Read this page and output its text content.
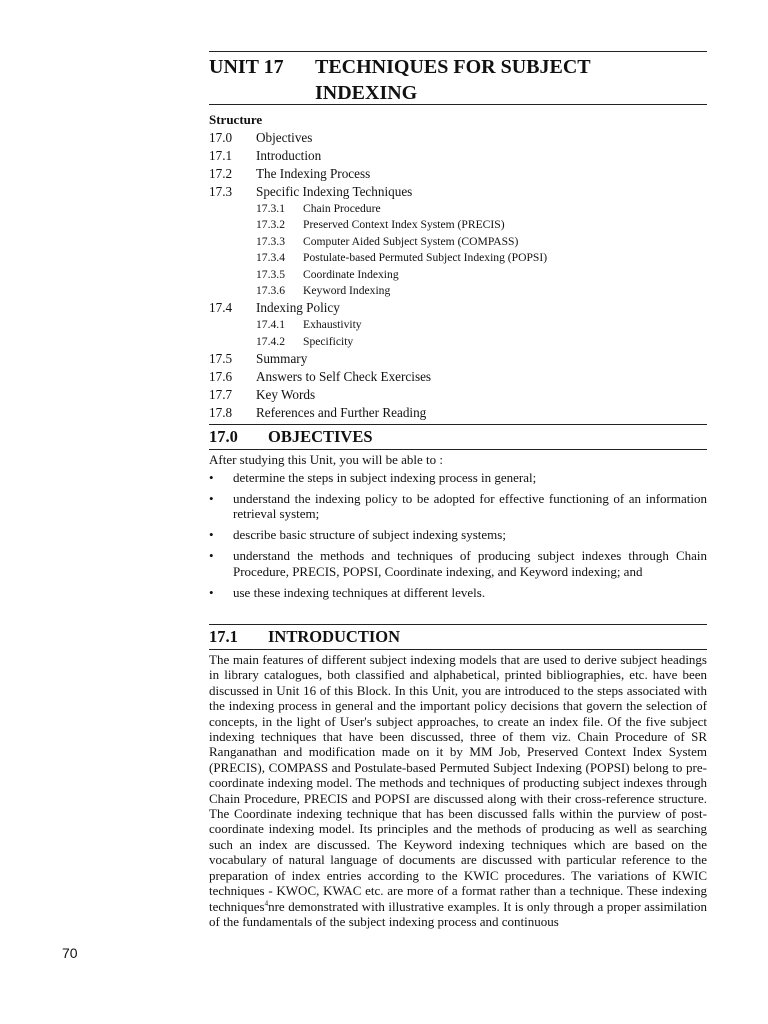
UNIT 17 TECHNIQUES FOR SUBJECT
INDEXING
Structure
17.0	Objectives
17.1	Introduction
17.2	The Indexing Process
17.3	Specific Indexing Techniques
17.3.1	Chain Procedure
17.3.2	Preserved Context Index System (PRECIS)
17.3.3	Computer Aided Subject System (COMPASS)
17.3.4	Postulate-based Permuted Subject Indexing (POPSI)
17.3.5	Coordinate Indexing
17.3.6	Keyword Indexing
17.4	Indexing Policy
17.4.1	Exhaustivity
17.4.2	Specificity
17.5	Summary
17.6	Answers to Self Check Exercises
17.7	Key Words
17.8	References and Further Reading
17.0 OBJECTIVES
After studying this Unit, you will be able to :
• determine the steps in subject indexing process in general;
• understand the indexing policy to be adopted for effective functioning of an information retrieval system;
• describe basic structure of subject indexing systems;
• understand the methods and techniques of producing subject indexes through Chain Procedure, PRECIS, POPSI, Coordinate indexing, and Keyword indexing; and
• use these indexing techniques at different levels.
17.1 INTRODUCTION
The main features of different subject indexing models that are used to derive subject headings in library catalogues, both classified and alphabetical, printed bibliographies, etc. have been discussed in Unit 16 of this Block. In this Unit, you are introduced to the steps associated with the indexing process in general and the important policy decisions that govern the selection of concepts, in the light of User's subject approaches, to create an index file. Of the five subject indexing techniques that have been discussed, three of them viz. Chain Procedure of SR Ranganathan and modification made on it by MM Job, Preserved Context Index System (PRECIS), COMPASS and Postulate-based Permuted Subject Indexing (POPSI) belong to pre-coordinate indexing model. The methods and techniques of producting subject indexes through Chain Procedure, PRECIS and POPSI are discussed along with their cross-reference structure. The Coordinate indexing technique that has been discussed falls within the purview of post-coordinate indexing model. Its principles and the methods of producing as well as searching such an index are discussed. The Keyword indexing techniques which are based on the vocabulary of natural language of documents are discussed with particular reference to the preparation of index entries according to the KWIC procedures. The variations of KWIC techniques - KWOC, KWAC etc. are more of a format rather than a technique. These indexing techniques$^4$nre demonstrated with illustrative examples. It is only through a proper assimilation of the fundamentals of the subject indexing process and continuous
70
